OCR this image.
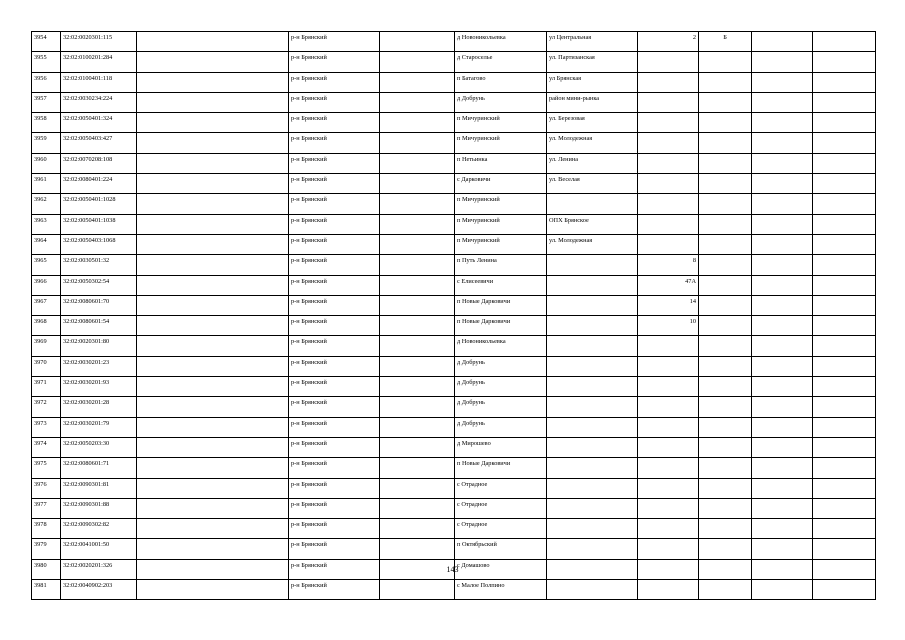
3954	32:02:0020301:115		р-н Брянский		д Новоникольевка	ул Центральная	2	Б		
3955	32:02:0100201:284		р-н Брянский		д Староселье	ул. Партизанская				
3956	32:02:0100401:118		р-н Брянский		п Батагово	ул Брянская				
3957	32:02:0030234:224		р-н Брянский		д Добрунь	район мини-рынка				
3958	32:02:0050401:324		р-н Брянский		п Мичуринский	ул. Березовая				
3959	32:02:0050403:427		р-н Брянский		п Мичуринский	ул. Молодежная				
3960	32:02:0070208:108		р-н Брянский		п Нетьинка	ул. Ленина				
3961	32:02:0080401:224		р-н Брянский		с Дарковичи	ул. Веселая				
3962	32:02:0050401:1028		р-н Брянский		п Мичуринский					
3963	32:02:0050401:1038		р-н Брянский		п Мичуринский	ОПХ Брянское				
3964	32:02:0050403:1068		р-н Брянский		п Мичуринский	ул. Молодежная				
3965	32:02:0030501:32		р-н Брянский		п Путь Ленина		8			
3966	32:02:0050302:54		р-н Брянский		с Елисеевичи		47А			
3967	32:02:0080601:70		р-н Брянский		п Новые Дарковичи		14			
3968	32:02:0080601:54		р-н Брянский		п Новые Дарковичи		10			
3969	32:02:0020301:80		р-н Брянский		д Новоникольевка					
3970	32:02:0030201:23		р-н Брянский		д Добрунь					
3971	32:02:0030201:93		р-н Брянский		д Добрунь					
3972	32:02:0030201:28		р-н Брянский		д Добрунь					
3973	32:02:0030201:79		р-н Брянский		д Добрунь					
3974	32:02:0050203:30		р-н Брянский		д Мирошево					
3975	32:02:0080601:71		р-н Брянский		п Новые Дарковичи					
3976	32:02:0090301:81		р-н Брянский		с Отрадное					
3977	32:02:0090301:88		р-н Брянский		с Отрадное					
3978	32:02:0090302:82		р-н Брянский		с Отрадное					
3979	32:02:0041001:50		р-н Брянский		п Октябрьский					
3980	32:02:0020201:326		р-н Брянский		с Домашово					
3981	32:02:0040902:203		р-н Брянский		с Малое Полпино					
143
